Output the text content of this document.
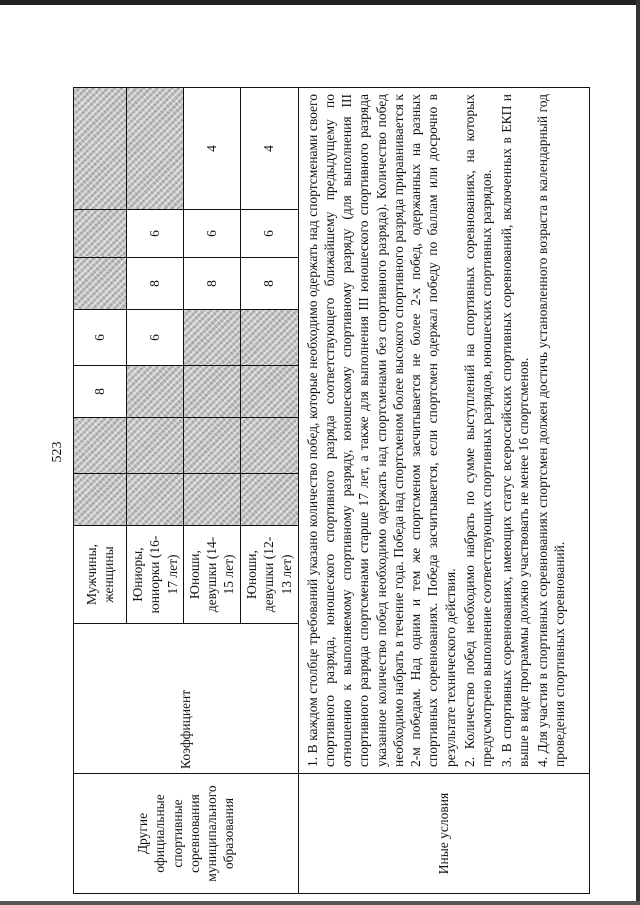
523
Другие официальные спортивные соревнования муниципального образования	Коэффициент	Мужчины, женщины			8	6			
		Юниоры, юниорки (16-17 лет)				6	8	6	
		Юноши, девушки (14-15 лет)					8	6	4
		Юноши, девушки (12-13 лет)					8	6	4
Иные условия	1. В каждом столбце требований указано количество побед, которые необходимо одержать над спортсменами своего спортивного разряда, юношеского спортивного разряда соответствующего ближайшему предыдущему по отношению к выполняемому спортивному разряду, юношескому спортивному разряду (для выполнения III спортивного разряда спортсменами старше 17 лет, а также для выполнения III юношеского спортивного разряда указанное количество побед необходимо одержать над спортсменами без спортивного разряда). Количество побед необходимо набрать в течение года. Победа над спортсменом более высокого спортивного разряда приравнивается к 2-м победам. Над одним и тем же спортсменом засчитывается не более 2-х побед, одержанных на разных спортивных соревнованиях. Победа засчитывается, если спортсмен одержал победу по баллам или досрочно в результате технического действия. 2. Количество побед необходимо набрать по сумме выступлений на спортивных соревнованиях, на которых предусмотрено выполнение соответствующих спортивных разрядов, юношеских спортивных разрядов. 3. В спортивных соревнованиях, имеющих статус всероссийских спортивных соревнований, включенных в ЕКП и выше в виде программы должно участвовать не менее 16 спортсменов. 4. Для участия в спортивных соревнованиях спортсмен должен достичь установленного возраста в календарный год проведения спортивных соревнований.								
